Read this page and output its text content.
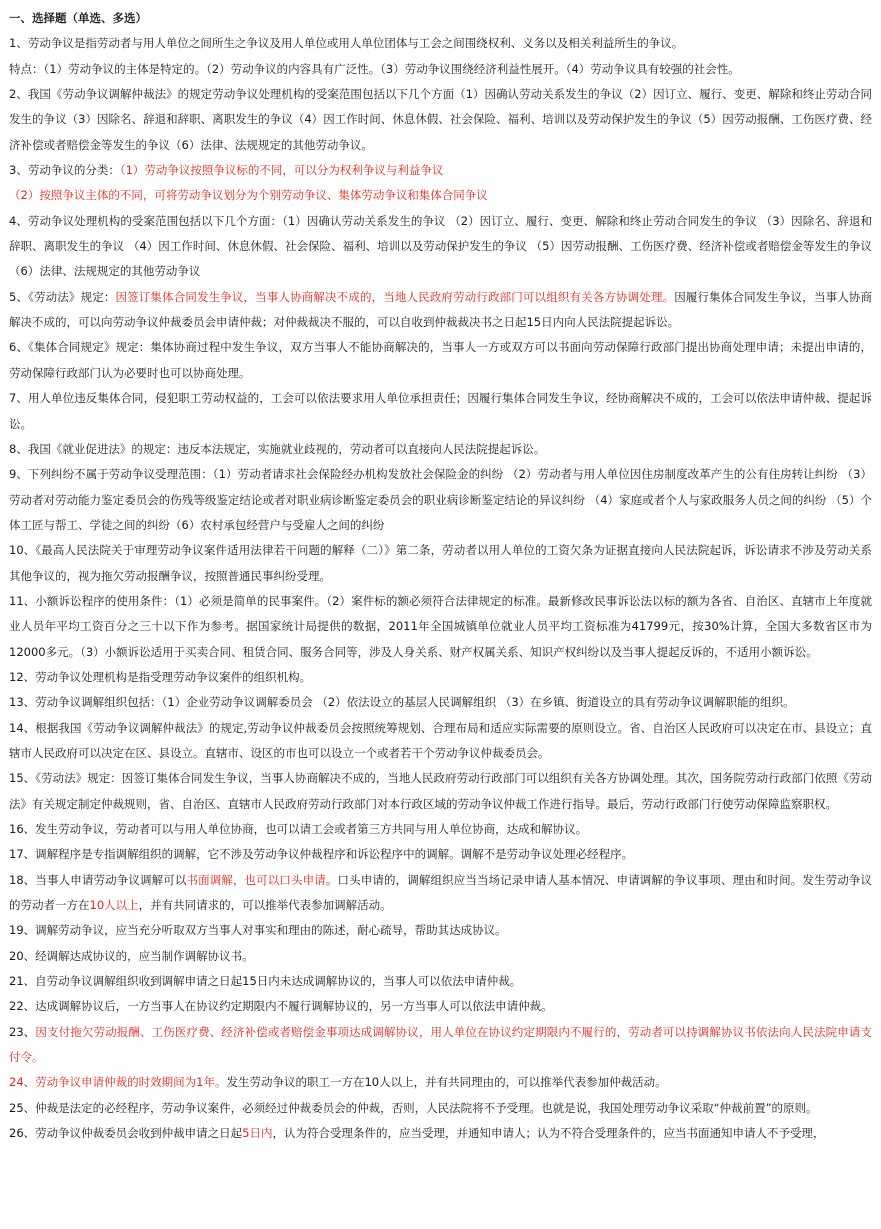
一、选择题（单选、多选）

1、劳动争议是指劳动者与用人单位之间所生之争议及用人单位或用人单位团体与工会之间围绕权利、义务以及相关利益所生的争议。

特点：（1）劳动争议的主体是特定的。（2）劳动争议的内容具有广泛性。（3）劳动争议围绕经济利益性展开。（4）劳动争议具有较强的社会性。

2、我国《劳动争议调解仲裁法》的规定劳动争议处理机构的受案范围包括以下几个方面（1）因确认劳动关系发生的争议（2）因订立、履行、变更、解除和终止劳动合同发生的争议（3）因除名、辞退和辞职、离职发生的争议（4）因工作时间、休息休假、社会保险、福利、培训以及劳动保护发生的争议（5）因劳动报酬、工伤医疗费、经济补偿或者赔偿金等发生的争议（6）法律、法规规定的其他劳动争议。

3、劳动争议的分类：（1）劳动争议按照争议标的不同，可以分为权利争议与利益争议

（2）按照争议主体的不同，可将劳动争议划分为个别劳动争议、集体劳动争议和集体合同争议

4、劳动争议处理机构的受案范围包括以下几个方面：（1）因确认劳动关系发生的争议 （2）因订立、履行、变更、解除和终止劳动合同发生的争议 （3）因除名、辞退和辞职、离职发生的争议 （4）因工作时间、休息休假、社会保险、福利、培训以及劳动保护发生的争议 （5）因劳动报酬、工伤医疗费、经济补偿或者赔偿金等发生的争议（6）法律、法规规定的其他劳动争议

5、《劳动法》规定：因签订集体合同发生争议，当事人协商解决不成的，当地人民政府劳动行政部门可以组织有关各方协调处理。因履行集体合同发生争议，当事人协商解决不成的，可以向劳动争议仲裁委员会申请仲裁；对仲裁裁决不服的，可以自收到仲裁裁决书之日起15日内向人民法院提起诉讼。

6、《集体合同规定》规定：集体协商过程中发生争议，双方当事人不能协商解决的，当事人一方或双方可以书面向劳动保障行政部门提出协商处理申请；未提出申请的，劳动保障行政部门认为必要时也可以协商处理。

7、用人单位违反集体合同，侵犯职工劳动权益的，工会可以依法要求用人单位承担责任；因履行集体合同发生争议，经协商解决不成的，工会可以依法申请仲裁、提起诉讼。

8、我国《就业促进法》的规定：违反本法规定，实施就业歧视的，劳动者可以直接向人民法院提起诉讼。

9、下列纠纷不属于劳动争议受理范围：（1）劳动者请求社会保险经办机构发放社会保险金的纠纷 （2）劳动者与用人单位因住房制度改革产生的公有住房转让纠纷 （3）劳动者对劳动能力鉴定委员会的伤残等级鉴定结论或者对职业病诊断鉴定委员会的职业病诊断鉴定结论的异议纠纷 （4）家庭或者个人与家政服务人员之间的纠纷 （5）个体工匠与帮工、学徒之间的纠纷（6）农村承包经营户与受雇人之间的纠纷

10、《最高人民法院关于审理劳动争议案件适用法律若干问题的解释（二）》第二条，劳动者以用人单位的工资欠条为证据直接向人民法院起诉，诉讼请求不涉及劳动关系其他争议的，视为拖欠劳动报酬争议，按照普通民事纠纷受理。

11、小额诉讼程序的使用条件：（1）必须是简单的民事案件。（2）案件标的额必须符合法律规定的标准。最新修改民事诉讼法以标的额为各省、自治区、直辖市上年度就业人员年平均工资百分之三十以下作为参考。据国家统计局提供的数据，2011年全国城镇单位就业人员平均工资标准为41799元，按30%计算，全国大多数省区市为12000多元。（3）小额诉讼适用于买卖合同、租赁合同、服务合同等，涉及人身关系、财产权属关系、知识产权纠纷以及当事人提起反诉的，不适用小额诉讼。

12、劳动争议处理机构是指受理劳动争议案件的组织机构。

13、劳动争议调解组织包括：（1）企业劳动争议调解委员会 （2）依法设立的基层人民调解组织 （3）在乡镇、街道设立的具有劳动争议调解职能的组织。

14、根据我国《劳动争议调解仲裁法》的规定,劳动争议仲裁委员会按照统筹规划、合理布局和适应实际需要的原则设立。省、自治区人民政府可以决定在市、县设立；直辖市人民政府可以决定在区、县设立。直辖市、设区的市也可以设立一个或者若干个劳动争议仲裁委员会。

15、《劳动法》规定：因签订集体合同发生争议，当事人协商解决不成的，当地人民政府劳动行政部门可以组织有关各方协调处理。其次，国务院劳动行政部门依照《劳动法》有关规定制定仲裁规则，省、自治区、直辖市人民政府劳动行政部门对本行政区域的劳动争议仲裁工作进行指导。最后，劳动行政部门行使劳动保障监察职权。

16、发生劳动争议，劳动者可以与用人单位协商，也可以请工会或者第三方共同与用人单位协商，达成和解协议。

17、调解程序是专指调解组织的调解，它不涉及劳动争议仲裁程序和诉讼程序中的调解。调解不是劳动争议处理必经程序。

18、当事人申请劳动争议调解可以书面调解，也可以口头申请。口头申请的，调解组织应当当场记录申请人基本情况、申请调解的争议事项、理由和时间。发生劳动争议的劳动者一方在10人以上，并有共同请求的，可以推举代表参加调解活动。

19、调解劳动争议，应当充分听取双方当事人对事实和理由的陈述，耐心疏导，帮助其达成协议。

20、经调解达成协议的，应当制作调解协议书。

21、自劳动争议调解组织收到调解申请之日起15日内未达成调解协议的，当事人可以依法申请仲裁。

22、达成调解协议后，一方当事人在协议约定期限内不履行调解协议的，另一方当事人可以依法申请仲裁。

23、因支付拖欠劳动报酬、工伤医疗费、经济补偿或者赔偿金事项达成调解协议，用人单位在协议约定期限内不履行的，劳动者可以持调解协议书依法向人民法院申请支付令。

24、劳动争议申请仲裁的时效期间为1年。发生劳动争议的职工一方在10人以上，并有共同理由的，可以推举代表参加仲裁活动。

25、仲裁是法定的必经程序，劳动争议案件，必须经过仲裁委员会的仲裁，否则，人民法院将不予受理。也就是说，我国处理劳动争议采取“仲裁前置”的原则。

26、劳动争议仲裁委员会收到仲裁申请之日起5日内，认为符合受理条件的，应当受理，并通知申请人；认为不符合受理条件的，应当书面通知申请人不予受理，
